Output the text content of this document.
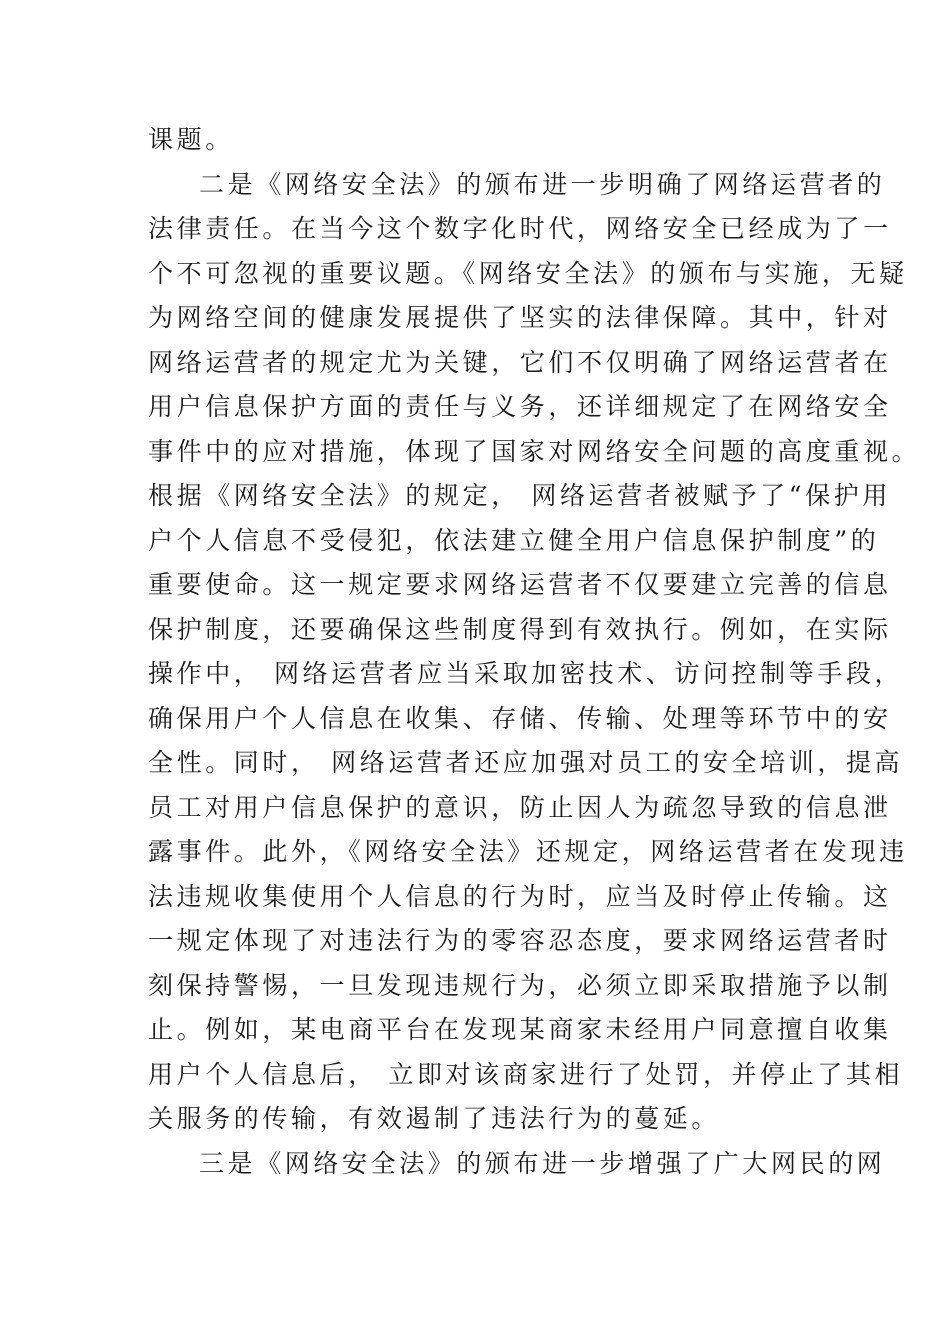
课题。
二是《网络安全法》的颁布进一步明确了网络运营者的
法律责任。在当今这个数字化时代，网络安全已经成为了一
个不可忽视的重要议题。《网络安全法》的颁布与实施，无疑
为网络空间的健康发展提供了坚实的法律保障。其中，针对
网络运营者的规定尤为关键，它们不仅明确了网络运营者在
用户信息保护方面的责任与义务，还详细规定了在网络安全
事件中的应对措施，体现了国家对网络安全问题的高度重视。
根据《网络安全法》的规定， 网络运营者被赋予了“保护用
户个人信息不受侵犯，依法建立健全用户信息保护制度”的
重要使命。这一规定要求网络运营者不仅要建立完善的信息
保护制度，还要确保这些制度得到有效执行。例如，在实际
操作中， 网络运营者应当采取加密技术、访问控制等手段，
确保用户个人信息在收集、存储、传输、处理等环节中的安
全性。同时， 网络运营者还应加强对员工的安全培训，提高
员工对用户信息保护的意识，防止因人为疏忽导致的信息泄
露事件。此外，《网络安全法》还规定，网络运营者在发现违
法违规收集使用个人信息的行为时，应当及时停止传输。这
一规定体现了对违法行为的零容忍态度，要求网络运营者时
刻保持警惕，一旦发现违规行为，必须立即采取措施予以制
止。例如，某电商平台在发现某商家未经用户同意擅自收集
用户个人信息后， 立即对该商家进行了处罚，并停止了其相
关服务的传输，有效遏制了违法行为的蔓延。
三是《网络安全法》的颁布进一步增强了广大网民的网
